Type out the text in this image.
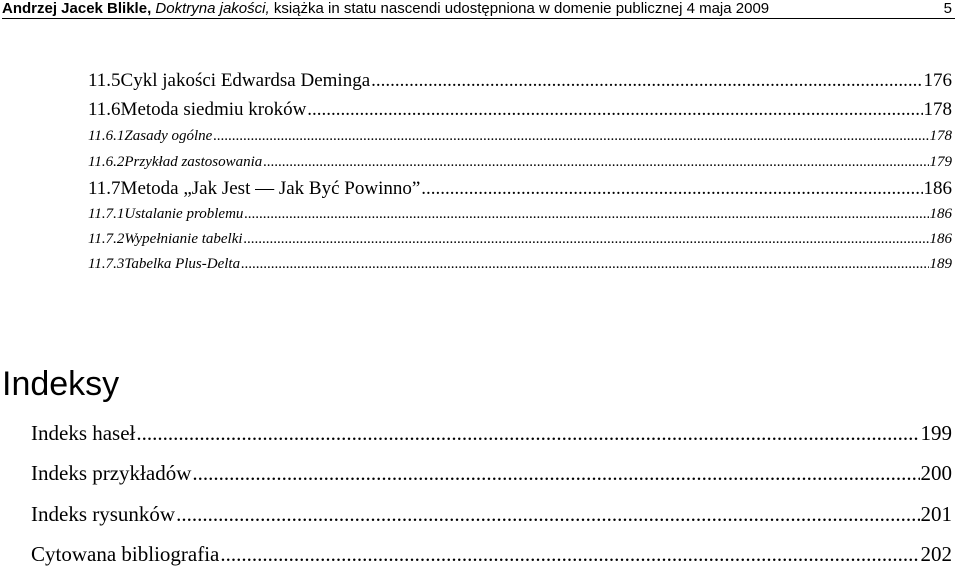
Andrzej Jacek Blikle, Doktryna jakości, książka in statu nascendi udostępniona w domenie publicznej 4 maja 2009	5
11.5Cykl jakości Edwardsa Deminga .....	176
11.6Metoda siedmiu kroków .....	178
11.6.1Zasady ogólne .....	178
11.6.2Przykład zastosowania .....	179
11.7Metoda „Jak Jest — Jak Być Powinno” .....	186
11.7.1Ustalanie problemu .....	186
11.7.2Wypełnianie tabelki .....	186
11.7.3Tabelka Plus-Delta .....	189
Indeksy
Indeks haseł .....	199
Indeks przykładów .....	200
Indeks rysunków .....	201
Cytowana bibliografia .....	202
